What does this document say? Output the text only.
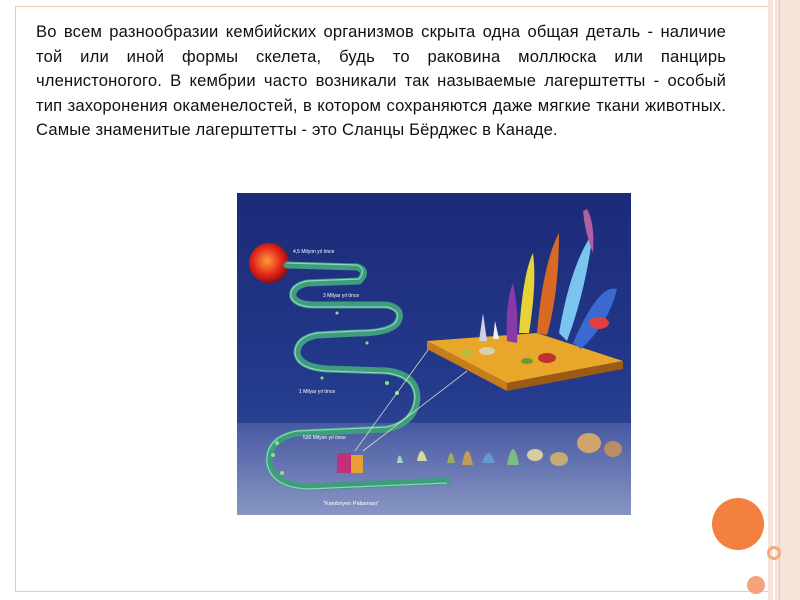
Во всем разнообразии кембийских организмов скрыта одна общая деталь - наличие той или иной формы скелета, будь то раковина моллюска или панцирь членистоногого. В кембрии часто возникали так называемые лагерштетты - особый тип захоронения окаменелостей, в котором сохраняются даже мягкие ткани животных. Самые знаменитые лагерштетты - это Сланцы Бёрджес в Канаде.
4,5 Milyon yıl önce
3 Milyar yıl önce
1 Milyar yıl önce
530 Milyon yıl önce
"Kambriyen Patlaması"
